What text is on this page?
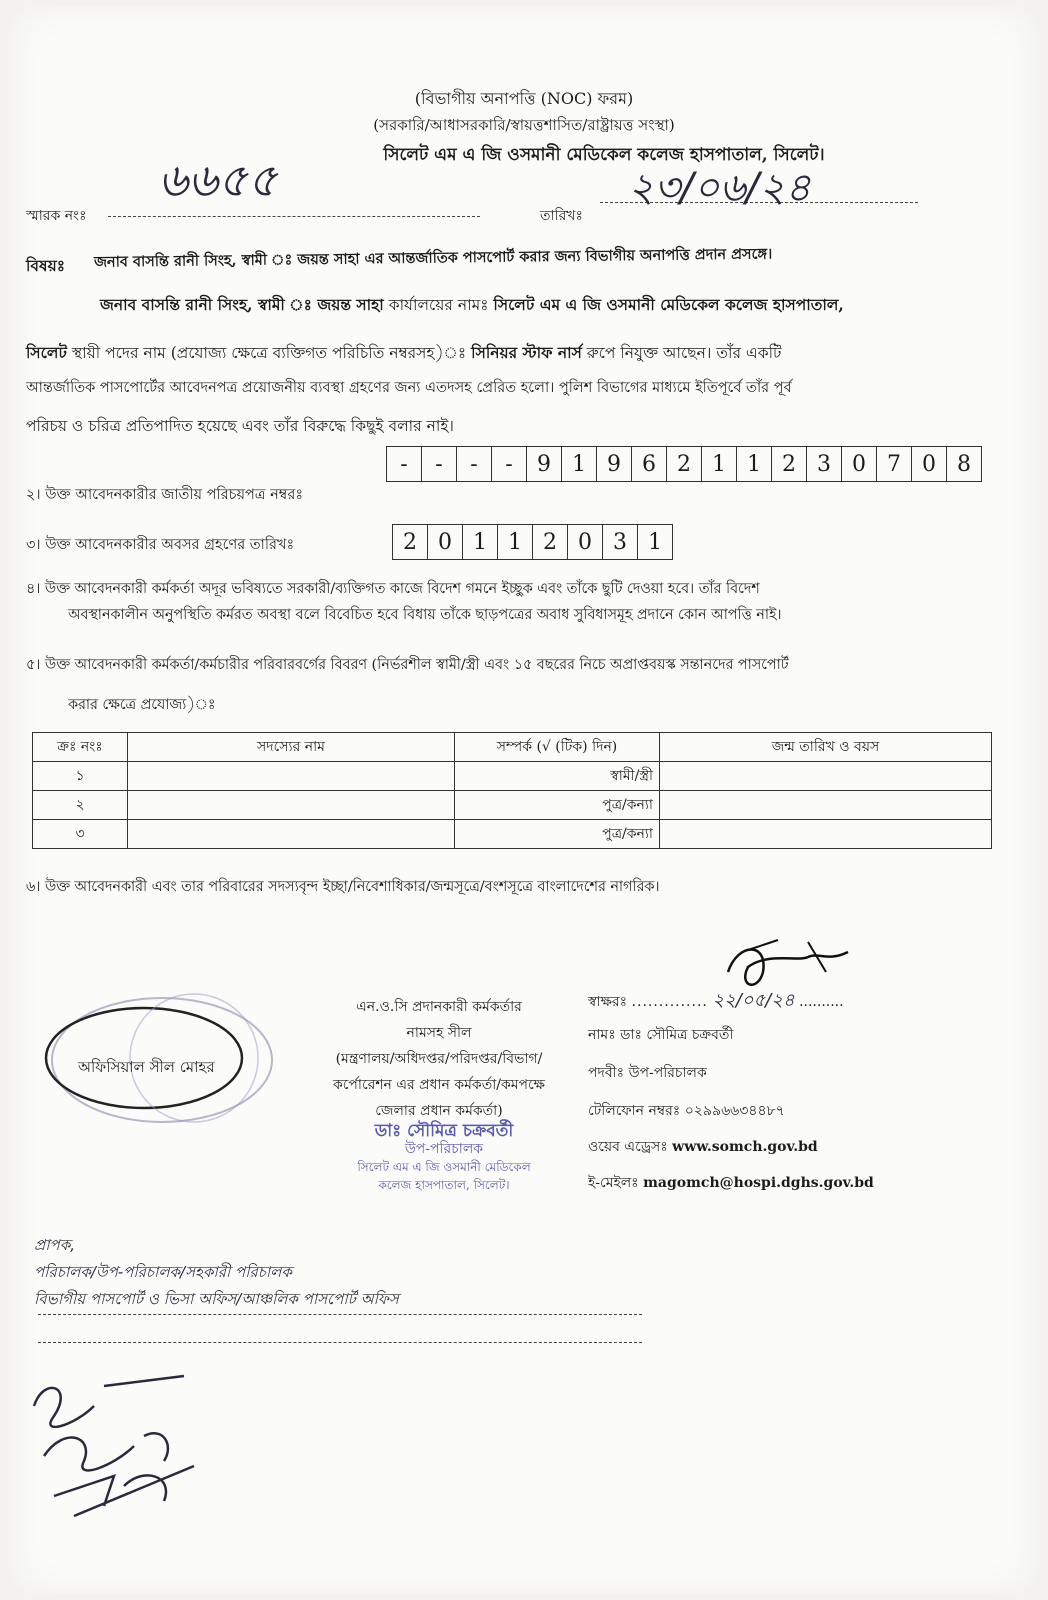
(বিভাগীয় অনাপত্তি (NOC) ফরম)
(সরকারি/আধাসরকারি/স্বায়ত্তশাসিত/রাষ্ট্রায়ত্ত সংস্থা)
সিলেট এম এ জি ওসমানী মেডিকেল কলেজ হাসপাতাল, সিলেট।
স্মারক নংঃ
৬৬৫৫
তারিখঃ
২৩/০৬/২৪
বিষয়ঃ জনাব বাসন্তি রানী সিংহ, স্বামী ঃ জয়ন্ত সাহা এর আন্তর্জাতিক পাসপোর্ট করার জন্য বিভাগীয় অনাপত্তি প্রদান প্রসঙ্গে।
জনাব বাসন্তি রানী সিংহ, স্বামী ঃ জয়ন্ত সাহা কার্যালয়ের নামঃ সিলেট এম এ জি ওসমানী মেডিকেল কলেজ হাসপাতাল,
সিলেট স্থায়ী পদের নাম (প্রযোজ্য ক্ষেত্রে ব্যক্তিগত পরিচিতি নম্বরসহ)ঃ সিনিয়র স্টাফ নার্স রুপে নিযুক্ত আছেন। তাঁর একটি
আন্তর্জাতিক পাসপোর্টের আবেদনপত্র প্রয়োজনীয় ব্যবস্থা গ্রহণের জন্য এতদসহ প্রেরিত হলো। পুলিশ বিভাগের মাধ্যমে ইতিপূর্বে তাঁর পূর্ব
পরিচয় ও চরিত্র প্রতিপাদিত হয়েছে এবং তাঁর বিরুদ্ধে কিছুই বলার নাই।
২। উক্ত আবেদনকারীর জাতীয় পরিচয়পত্র নম্বরঃ
-	-	-	-	9 1 9 6 2 1 1 2 3 0 7 0 8
৩। উক্ত আবেদনকারীর অবসর গ্রহণের তারিখঃ	2 0 1 1 2 0 3 1
৪। উক্ত আবেদনকারী কর্মকর্তা অদূর ভবিষ্যতে সরকারী/ব্যক্তিগত কাজে বিদেশ গমনে ইচ্ছুক এবং তাঁকে ছুটি দেওয়া হবে। তাঁর বিদেশ
অবস্থানকালীন অনুপস্থিতি কর্মরত অবস্থা বলে বিবেচিত হবে বিধায় তাঁকে ছাড়পত্রের অবাধ সুবিধাসমূহ প্রদানে কোন আপত্তি নাই।
৫। উক্ত আবেদনকারী কর্মকর্তা/কর্মচারীর পরিবারবর্গের বিবরণ (নির্ভরশীল স্বামী/স্ত্রী এবং ১৫ বছরের নিচে অপ্রাপ্তবয়স্ক সন্তানদের পাসপোর্ট
করার ক্ষেত্রে প্রযোজ্য)ঃ
ক্রঃ নংঃ	সদস্যের নাম	সম্পর্ক (√ (টিক) দিন)	জন্ম তারিখ ও বয়স
১		স্বামী/স্ত্রী	
২		পুত্র/কন্যা	
৩		পুত্র/কন্যা	
৬। উক্ত আবেদনকারী এবং তার পরিবারের সদস্যবৃন্দ ইচ্ছা/নিবেশাধিকার/জন্মসূত্রে/বংশসূত্রে বাংলাদেশের নাগরিক।
অফিসিয়াল সীল মোহর
এন.ও.সি প্রদানকারী কর্মকর্তার
নামসহ সীল
(মন্ত্রণালয়/অধিদপ্তর/পরিদপ্তর/বিভাগ/
কর্পোরেশন এর প্রধান কর্মকর্তা/কমপক্ষে
জেলার প্রধান কর্মকর্তা)
ডাঃ সৌমিত্র চক্রবর্তী
উপ-পরিচালক
সিলেট এম এ জি ওসমানী মেডিকেল
কলেজ হাসপাতাল, সিলেট।
স্বাক্ষরঃ .............. ২২/০৫/২৪ ..........
নামঃ ডাঃ সৌমিত্র চক্রবর্তী
পদবীঃ উপ-পরিচালক
টেলিফোন নম্বরঃ ০২৯৯৬৬৩৪৪৮৭
ওয়েব এড্রেসঃ www.somch.gov.bd
ই-মেইলঃ magomch@hospi.dghs.gov.bd
প্রাপক,
পরিচালক/উপ-পরিচালক/সহকারী পরিচালক
বিভাগীয় পাসপোর্ট ও ভিসা অফিস/আঞ্চলিক পাসপোর্ট অফিস
